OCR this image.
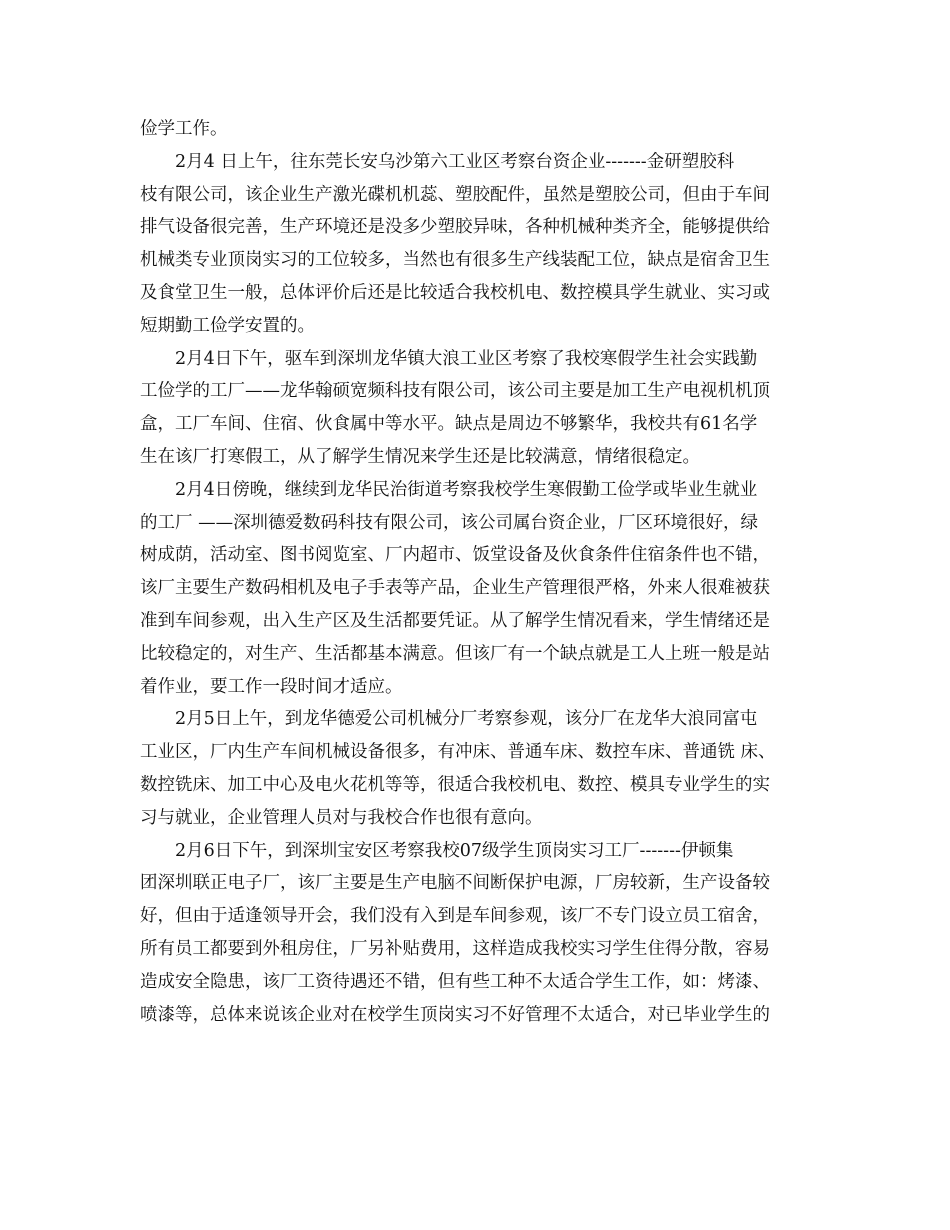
俭学工作。
2月4 日上午，往东莞长安乌沙第六工业区考察台资企业-------金研塑胶科
枝有限公司，该企业生产激光碟机机蕊、塑胶配件，虽然是塑胶公司，但由于车间
排气设备很完善，生产环境还是没多少塑胶异味，各种机械种类齐全，能够提供给
机械类专业顶岗实习的工位较多，当然也有很多生产线装配工位，缺点是宿舍卫生
及食堂卫生一般，总体评价后还是比较适合我校机电、数控模具学生就业、实习或
短期勤工俭学安置的。
2月4日下午，驱车到深圳龙华镇大浪工业区考察了我校寒假学生社会实践勤
工俭学的工厂——龙华翰硕宽频科技有限公司，该公司主要是加工生产电视机机顶
盒，工厂车间、住宿、伙食属中等水平。缺点是周边不够繁华，我校共有61名学
生在该厂打寒假工，从了解学生情况来学生还是比较满意，情绪很稳定。
2月4日傍晚，继续到龙华民治街道考察我校学生寒假勤工俭学或毕业生就业
的工厂 ——深圳德爱数码科技有限公司，该公司属台资企业，厂区环境很好，绿
树成荫，活动室、图书阅览室、厂内超市、饭堂设备及伙食条件住宿条件也不错，
该厂主要生产数码相机及电子手表等产品，企业生产管理很严格，外来人很难被获
准到车间参观，出入生产区及生活都要凭证。从了解学生情况看来，学生情绪还是
比较稳定的，对生产、生活都基本满意。但该厂有一个缺点就是工人上班一般是站
着作业，要工作一段时间才适应。
2月5日上午，到龙华德爱公司机械分厂考察参观，该分厂在龙华大浪同富屯
工业区，厂内生产车间机械设备很多，有冲床、普通车床、数控车床、普通铣 床、
数控铣床、加工中心及电火花机等等，很适合我校机电、数控、模具专业学生的实
习与就业，企业管理人员对与我校合作也很有意向。
2月6日下午，到深圳宝安区考察我校07级学生顶岗实习工厂-------伊顿集
团深圳联正电子厂，该厂主要是生产电脑不间断保护电源，厂房较新，生产设备较
好，但由于适逢领导开会，我们没有入到是车间参观，该厂不专门设立员工宿舍，
所有员工都要到外租房住，厂另补贴费用，这样造成我校实习学生住得分散，容易
造成安全隐患，该厂工资待遇还不错，但有些工种不太适合学生工作，如：烤漆、
喷漆等，总体来说该企业对在校学生顶岗实习不好管理不太适合，对已毕业学生的
